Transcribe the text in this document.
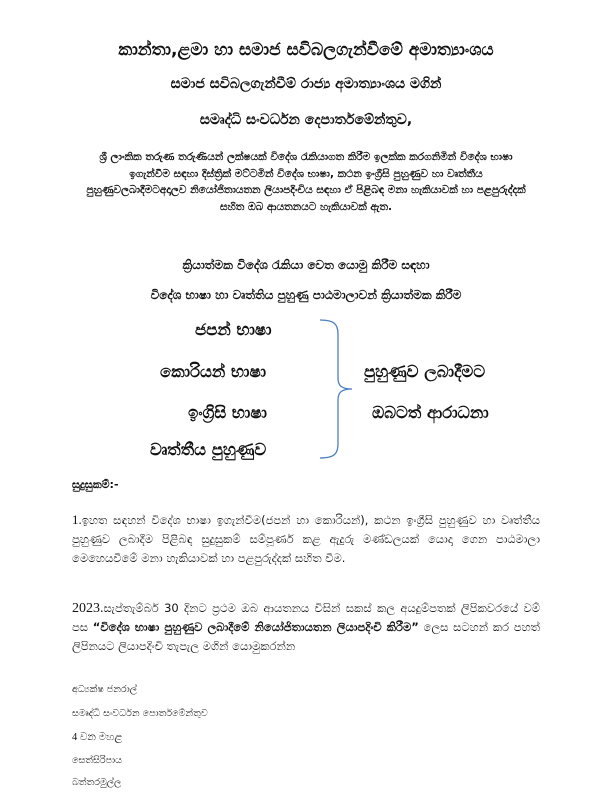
කාන්තා,ළමා හා සමාජ සවිබලගැන්වීමේ අමාත්‍යාංශය
සමාජ සවිබලගැන්වීම් රාජ්‍ය අමාත්‍යාංශය මගින්
සමෘද්ධි සංවර්ධන දෙපාර්තමේන්තුව,
ශ්‍රී ලාංකික තරුණ තරුණියන් ලක්ෂයක් විදේශ රැකියාගත කිරීම ඉලක්ක කරගනිමින් විදේශ භාෂා ඉගැන්වීම සඳහා දිස්ත්‍රික් මට්ටමින් විදේශ භාෂා, කථන ඉංග්‍රීසි පුහුණුව හා වෘත්තීය පුහුණුවලබාදීමටඅදාලව නියෝජිතායතන ලියාපදිංචිය සඳහා ඒ පිළිබඳ මනා හැකියාවක් හා පළපුරුද්දක් සහිත ඔබ ආයතනයට හැකියාවක් ඇත.
ක්‍රියාත්මක විදේශ රැකියා වෙත යොමු කිරීම සඳහා
විදේශ භාෂා හා වෘත්තිය පුහුණු පාඨමාලාවන් ක්‍රියාත්මක කිරීම
ජපන් භාෂා
කොරියන් භාෂා
ඉංග්‍රිසි භාෂා
වෘත්තීය පුහුණුව
පුහුණුව ලබාදීමට
ඔබටත් ආරාධනා
සුදුසුකම්:-
1.ඉහත සඳහන් විදේශ භාෂා ඉගැන්වීම(ජපන් හා කොරියන්), කථන ඉංග්‍රීසි පුහුණුව හා වෘත්තීය පුහුණුව ලබාදීම පිළිබඳ සුදුසුකම් සම්පූර්ණ කළ ඇදුරු මණ්ඩලයක් යොදා ගෙන පාඨමාලා මෙහෙයවීමේ මනා හැකියාවක් හා පළපුරුද්දක් සහිත වීම.
2023.සැප්තැම්බර් 30 දිනට ප්‍රථම ඔබ ආයතනය විසින් සකස් කල අයදුම්පතක් ලිපිකවරයේ වම් පස “විදේශ භාෂා පුහුණුව ලබාදීමේ නියෝජිතායතන ලියාපදිංචි කිරීම” ලෙස සටහන් කර පහත් ලිපිනයට ලියාපදිංචි තැපැල මගින් යොමුකරන්න
අධ්‍යක්ෂ ජනරාල්
සමෘද්ධි සංවර්ධන පොර්තමේන්තුව
4 වන මහළ
සෙත්සිරිපාය
බත්තරමුල්ල
